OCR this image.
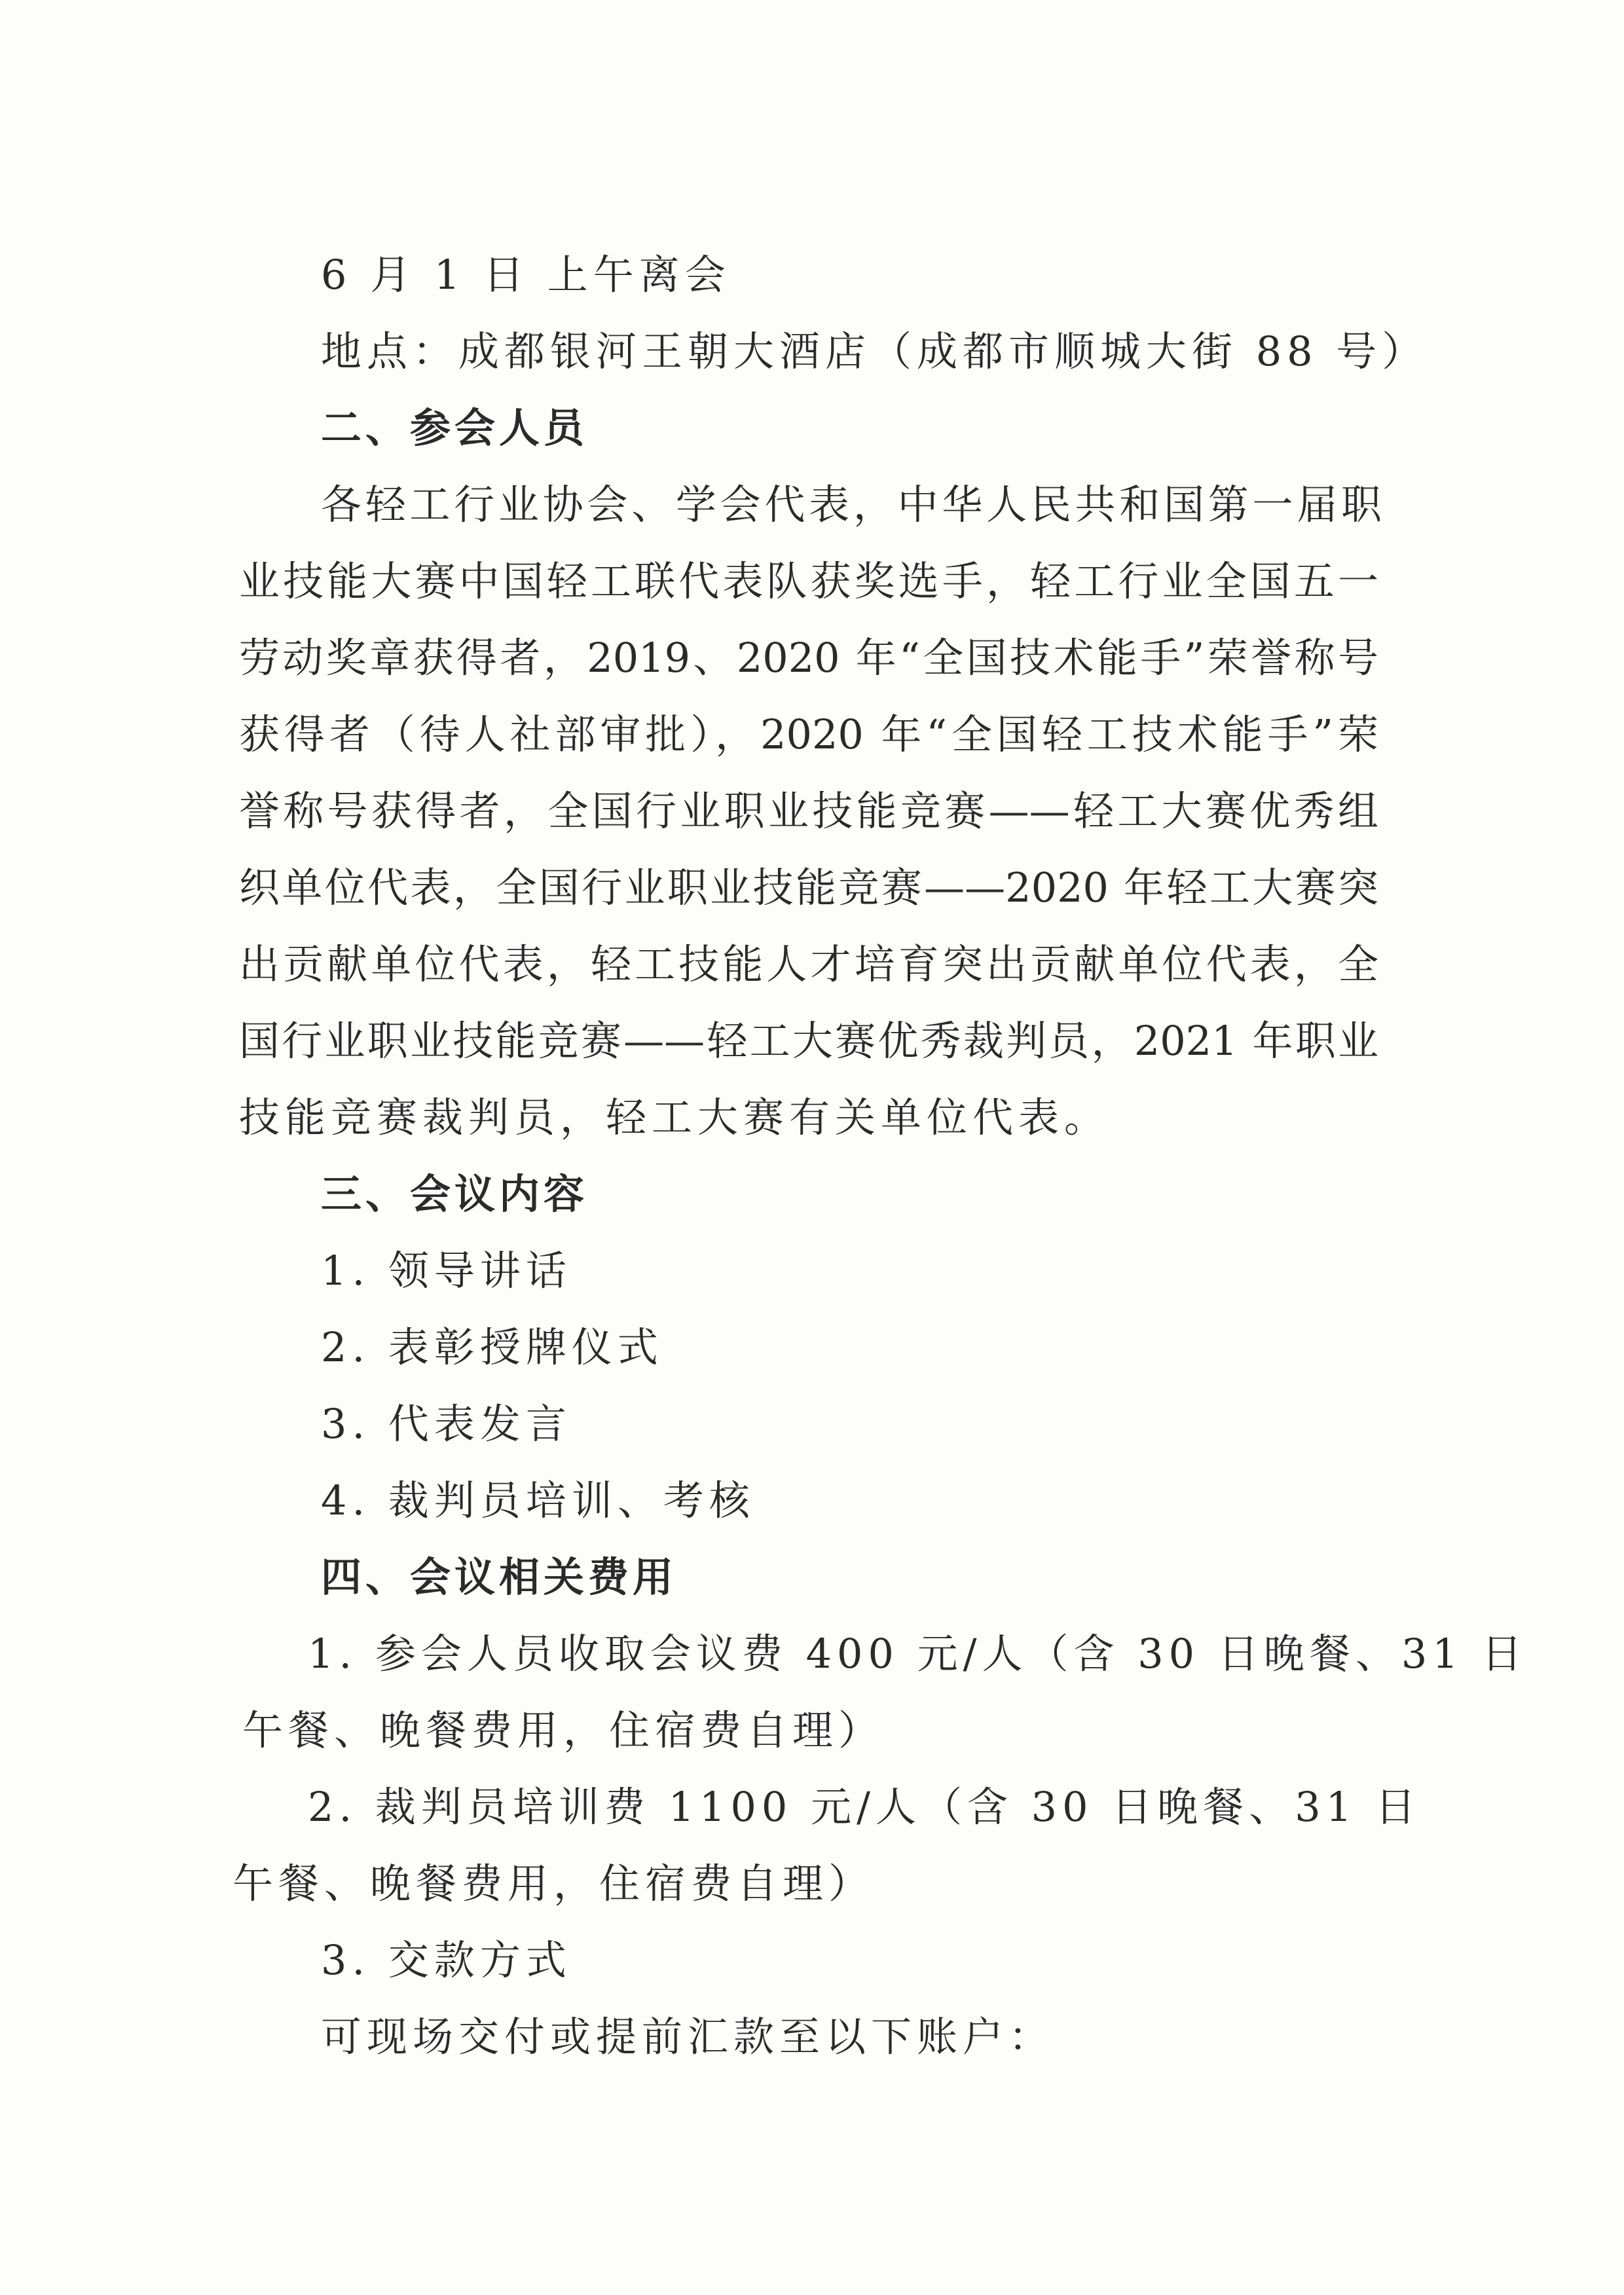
6 月 1 日 上午离会
地点：成都银河王朝大酒店（成都市顺城大街 88 号）
二、参会人员
各轻工行业协会、学会代表，中华人民共和国第一届职
业技能大赛中国轻工联代表队获奖选手，轻工行业全国五一
劳动奖章获得者，2019、2020 年“全国技术能手”荣誉称号
获得者（待人社部审批），2020 年“全国轻工技术能手”荣
誉称号获得者，全国行业职业技能竞赛——轻工大赛优秀组
织单位代表，全国行业职业技能竞赛——2020 年轻工大赛突
出贡献单位代表，轻工技能人才培育突出贡献单位代表，全
国行业职业技能竞赛——轻工大赛优秀裁判员，2021 年职业
技能竞赛裁判员，轻工大赛有关单位代表。
三、会议内容
1. 领导讲话
2. 表彰授牌仪式
3. 代表发言
4. 裁判员培训、考核
四、会议相关费用
1. 参会人员收取会议费 400 元/人（含 30 日晚餐、31 日
午餐、晚餐费用，住宿费自理）
2. 裁判员培训费 1100 元/人（含 30 日晚餐、31 日
午餐、晚餐费用，住宿费自理）
3. 交款方式
可现场交付或提前汇款至以下账户：
